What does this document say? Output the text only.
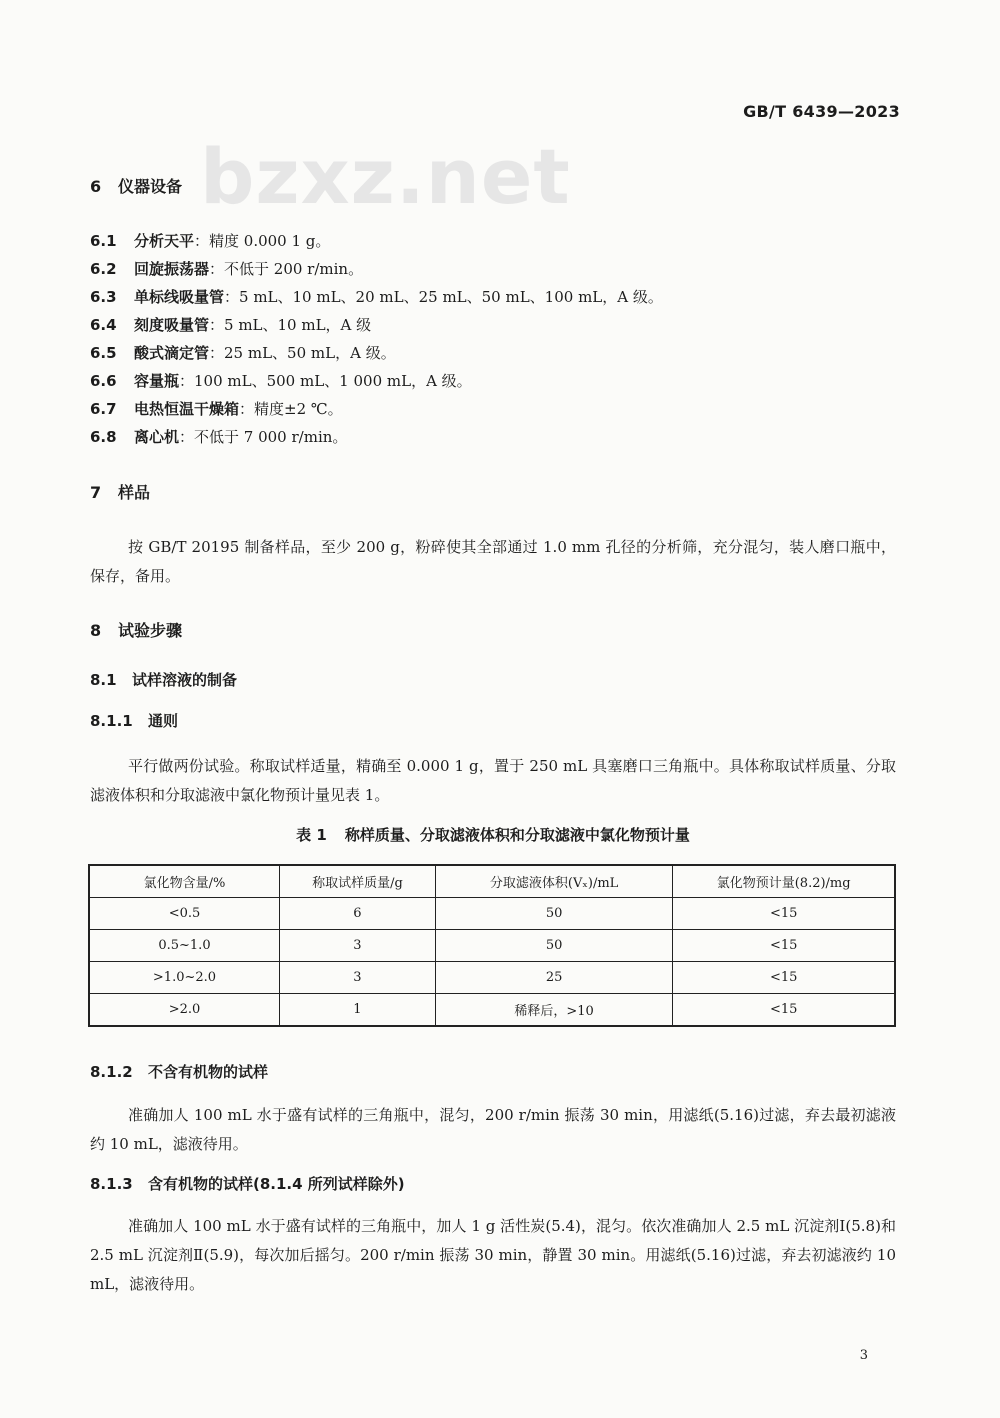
GB/T 6439—2023
bzxz.net
6 仪器设备
6.1 分析天平：精度 0.000 1 g。
6.2 回旋振荡器：不低于 200 r/min。
6.3 单标线吸量管：5 mL、10 mL、20 mL、25 mL、50 mL、100 mL，A 级。
6.4 刻度吸量管：5 mL、10 mL，A 级
6.5 酸式滴定管：25 mL、50 mL，A 级。
6.6 容量瓶：100 mL、500 mL、1 000 mL，A 级。
6.7 电热恒温干燥箱：精度±2 ℃。
6.8 离心机：不低于 7 000 r/min。
7 样品
按 GB/T 20195 制备样品，至少 200 g，粉碎使其全部通过 1.0 mm 孔径的分析筛，充分混匀，装人磨口瓶中，保存，备用。
8 试验步骤
8.1 试样溶液的制备
8.1.1 通则
平行做两份试验。称取试样适量，精确至 0.000 1 g，置于 250 mL 具塞磨口三角瓶中。具体称取试样质量、分取滤液体积和分取滤液中氯化物预计量见表 1。
表 1 称样质量、分取滤液体积和分取滤液中氯化物预计量
氯化物含量/%	称取试样质量/g	分取滤液体积(Vₓ)/mL	氯化物预计量(8.2)/mg
<0.5	6	50	<15
0.5~1.0	3	50	<15
>1.0~2.0	3	25	<15
>2.0	1	稀释后，>10	<15
8.1.2 不含有机物的试样
准确加人 100 mL 水于盛有试样的三角瓶中，混匀，200 r/min 振荡 30 min，用滤纸(5.16)过滤，弃去最初滤液约 10 mL，滤液待用。
8.1.3 含有机物的试样(8.1.4 所列试样除外)
准确加人 100 mL 水于盛有试样的三角瓶中，加人 1 g 活性炭(5.4)，混匀。依次准确加人 2.5 mL 沉淀剂Ⅰ(5.8)和 2.5 mL 沉淀剂Ⅱ(5.9)，每次加后摇匀。200 r/min 振荡 30 min，静置 30 min。用滤纸(5.16)过滤，弃去初滤液约 10 mL，滤液待用。
3
